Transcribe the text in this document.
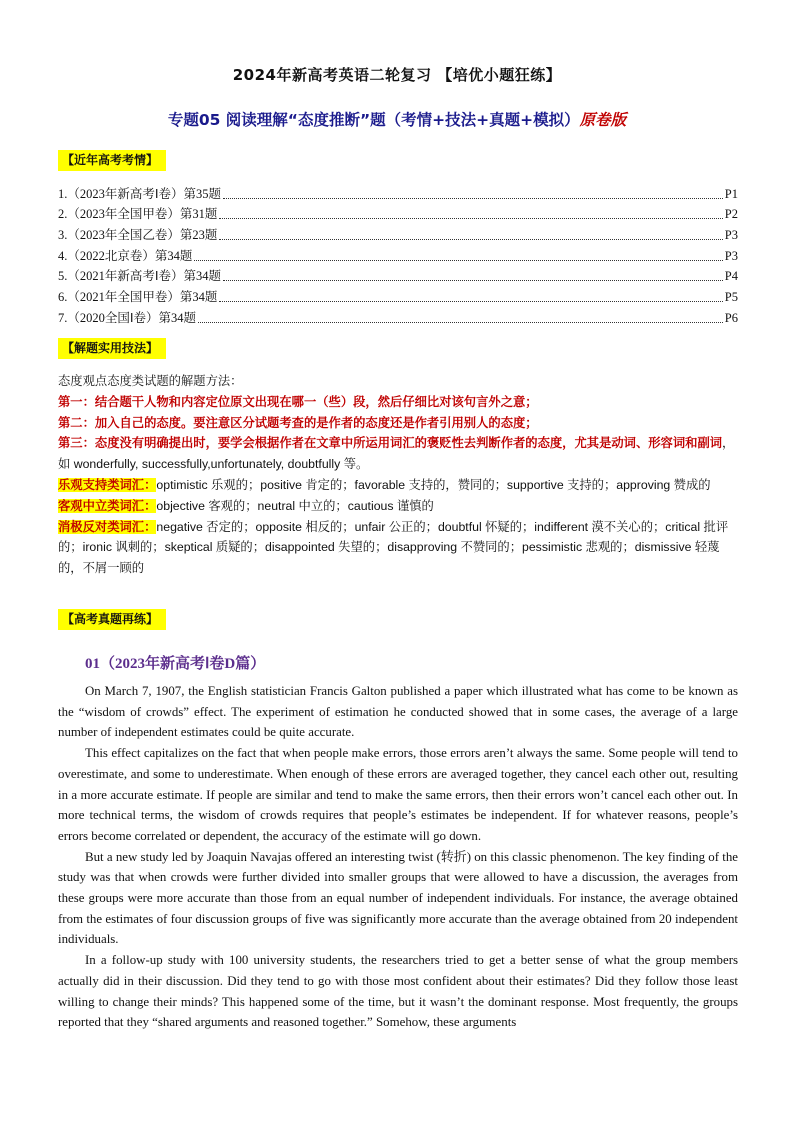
2024年新高考英语二轮复习 【培优小题狂练】
专题05 阅读理解“态度推断”题（考情+技法+真题+模拟）原卷版
【近年高考考情】
1.（2023年新高考Ⅰ卷）第35题	P1
2.（2023年全国甲卷）第31题	P2
3.（2023年全国乙卷）第23题	P3
4.（2022北京卷）第34题	P3
5.（2021年新高考Ⅰ卷）第34题	P4
6.（2021年全国甲卷）第34题	P5
7.（2020全国Ⅰ卷）第34题	P6
【解题实用技法】

态度观点态度类试题的解题方法：

第一：结合题干人物和内容定位原文出现在哪一（些）段，然后仔细比对该句言外之意；

第二：加入自己的态度。要注意区分试题考查的是作者的态度还是作者引用别人的态度；

第三：态度没有明确提出时，要学会根据作者在文章中所运用词汇的褒贬性去判断作者的态度，尤其是动词、形容词和副词，如 wonderfully, successfully,unfortunately, doubtfully 等。

乐观支持类词汇：optimistic 乐观的；positive 肯定的；favorable 支持的，赞同的；supportive 支持的；approving 赞成的

客观中立类词汇：objective 客观的；neutral 中立的；cautious 谨慎的

消极反对类词汇：negative 否定的；opposite 相反的；unfair 公正的；doubtful 怀疑的；indifferent 漠不关心的；critical 批评的；ironic 讽刺的；skeptical 质疑的；disappointed 失望的；disapproving 不赞同的；pessimistic 悲观的；dismissive 轻蔑的，不屑一顾的

【高考真题再练】
01（2023年新高考Ⅰ卷D篇）

On March 7, 1907, the English statistician Francis Galton published a paper which illustrated what has come to be known as the “wisdom of crowds” effect. The experiment of estimation he conducted showed that in some cases, the average of a large number of independent estimates could be quite accurate.

This effect capitalizes on the fact that when people make errors, those errors aren’t always the same. Some people will tend to overestimate, and some to underestimate. When enough of these errors are averaged together, they cancel each other out, resulting in a more accurate estimate. If people are similar and tend to make the same errors, then their errors won’t cancel each other out. In more technical terms, the wisdom of crowds requires that people’s estimates be independent. If for whatever reasons, people’s errors become correlated or dependent, the accuracy of the estimate will go down.

But a new study led by Joaquin Navajas offered an interesting twist (转折) on this classic phenomenon. The key finding of the study was that when crowds were further divided into smaller groups that were allowed to have a discussion, the averages from these groups were more accurate than those from an equal number of independent individuals. For instance, the average obtained from the estimates of four discussion groups of five was significantly more accurate than the average obtained from 20 independent individuals.

In a follow-up study with 100 university students, the researchers tried to get a better sense of what the group members actually did in their discussion. Did they tend to go with those most confident about their estimates? Did they follow those least willing to change their minds? This happened some of the time, but it wasn’t the dominant response. Most frequently, the groups reported that they “shared arguments and reasoned together.” Somehow, these arguments
